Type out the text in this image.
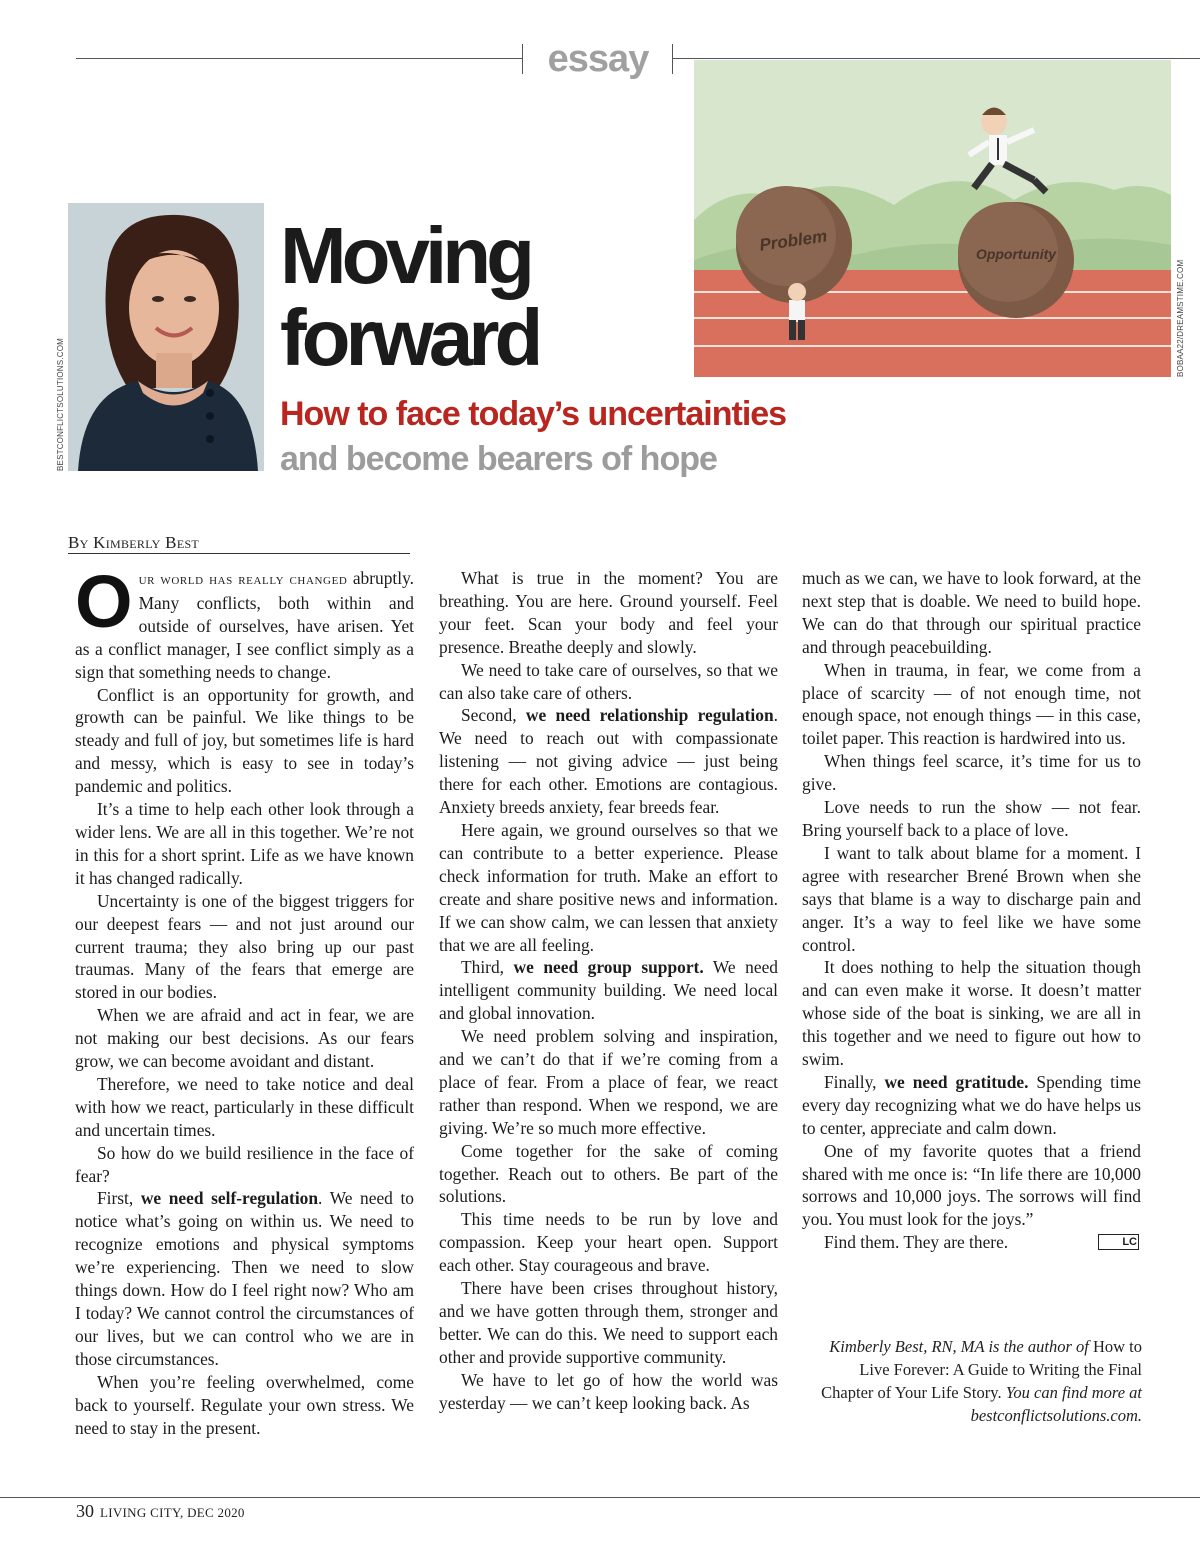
essay
Problem	Opportunity
BOBAA22/DREAMSTIME.COM
BESTCONFLICTSOLUTIONS.COM
Moving
forward
How to face today’s uncertainties
and become bearers of hope
By Kimberly Best

Our world has really changed abruptly. Many conflicts, both within and outside of ourselves, have arisen. Yet as a conflict manager, I see conflict simply as a sign that something needs to change.

Conflict is an opportunity for growth, and growth can be painful. We like things to be steady and full of joy, but sometimes life is hard and messy, which is easy to see in today’s pandemic and politics.

It’s a time to help each other look through a wider lens. We are all in this together. We’re not in this for a short sprint. Life as we have known it has changed radically.

Uncertainty is one of the biggest triggers for our deepest fears — and not just around our current trauma; they also bring up our past traumas. Many of the fears that emerge are stored in our bodies.

When we are afraid and act in fear, we are not making our best decisions. As our fears grow, we can become avoidant and distant.

Therefore, we need to take notice and deal with how we react, particularly in these difficult and uncertain times.

So how do we build resilience in the face of fear?

First, we need self-regulation. We need to notice what’s going on within us. We need to recognize emotions and physical symptoms we’re experiencing. Then we need to slow things down. How do I feel right now? Who am I today? We cannot control the circumstances of our lives, but we can control who we are in those circumstances.

When you’re feeling overwhelmed, come back to yourself. Regulate your own stress. We need to stay in the present.

What is true in the moment? You are breathing. You are here. Ground yourself. Feel your feet. Scan your body and feel your presence. Breathe deeply and slowly.

We need to take care of ourselves, so that we can also take care of others.

Second, we need relationship regulation. We need to reach out with compassionate listening — not giving advice — just being there for each other. Emotions are contagious. Anxiety breeds anxiety, fear breeds fear.

Here again, we ground ourselves so that we can contribute to a better experience. Please check information for truth. Make an effort to create and share positive news and information. If we can show calm, we can lessen that anxiety that we are all feeling.

Third, we need group support. We need intelligent community building. We need local and global innovation.

We need problem solving and inspiration, and we can’t do that if we’re coming from a place of fear. From a place of fear, we react rather than respond. When we respond, we are giving. We’re so much more effective.

Come together for the sake of coming together. Reach out to others. Be part of the solutions.

This time needs to be run by love and compassion. Keep your heart open. Support each other. Stay courageous and brave.

There have been crises throughout history, and we have gotten through them, stronger and better. We can do this. We need to support each other and provide supportive community.

We have to let go of how the world was yesterday — we can’t keep looking back. As

much as we can, we have to look forward, at the next step that is doable. We need to build hope. We can do that through our spiritual practice and through peacebuilding.

When in trauma, in fear, we come from a place of scarcity — of not enough time, not enough space, not enough things — in this case, toilet paper. This reaction is hardwired into us.

When things feel scarce, it’s time for us to give.

Love needs to run the show — not fear. Bring yourself back to a place of love.

I want to talk about blame for a moment. I agree with researcher Brené Brown when she says that blame is a way to discharge pain and anger. It’s a way to feel like we have some control.

It does nothing to help the situation though and can even make it worse. It doesn’t matter whose side of the boat is sinking, we are all in this together and we need to figure out how to swim.

Finally, we need gratitude. Spending time every day recognizing what we do have helps us to center, appreciate and calm down.

One of my favorite quotes that a friend shared with me once is: “In life there are 10,000 sorrows and 10,000 joys. The sorrows will find you. You must look for the joys.”

Find them. They are there.	LC

Kimberly Best, RN, MA is the author of How to Live Forever: A Guide to Writing the Final Chapter of Your Life Story. You can find more at bestconflictsolutions.com.
30 LIVING CITY, DEC 2020
